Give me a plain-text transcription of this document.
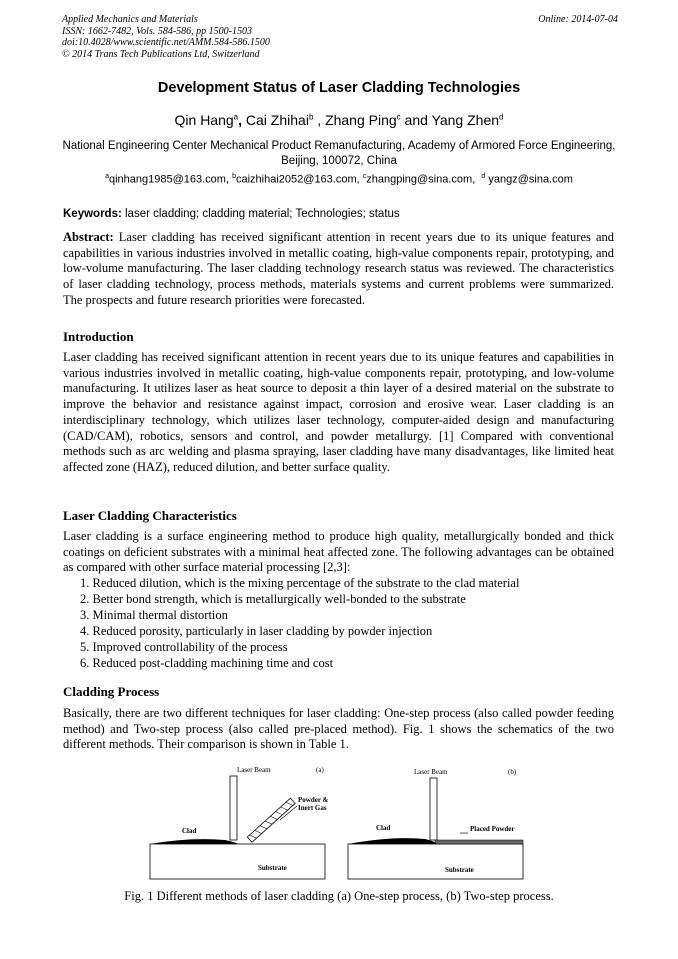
Applied Mechanics and Materials
ISSN: 1662-7482, Vols. 584-586, pp 1500-1503
doi:10.4028/www.scientific.net/AMM.584-586.1500
© 2014 Trans Tech Publications Ltd, Switzerland
Online: 2014-07-04
Development Status of Laser Cladding Technologies
Qin Hang$^a$, Cai Zhihai$^b$ , Zhang Ping$^c$ and Yang Zhen$^d$
National Engineering Center Mechanical Product Remanufacturing, Academy of Armored Force Engineering, Beijing, 100072, China
$^a$qinhang1985@163.com, $^b$caizhihai2052@163.com, $^c$zhangping@sina.com, $^d$ yangz@sina.com
Keywords: laser cladding; cladding material; Technologies; status
Abstract: Laser cladding has received significant attention in recent years due to its unique features and capabilities in various industries involved in metallic coating, high-value components repair, prototyping, and low-volume manufacturing. The laser cladding technology research status was reviewed. The characteristics of laser cladding technology, process methods, materials systems and current problems were summarized. The prospects and future research priorities were forecasted.
Introduction
Laser cladding has received significant attention in recent years due to its unique features and capabilities in various industries involved in metallic coating, high-value components repair, prototyping, and low-volume manufacturing. It utilizes laser as heat source to deposit a thin layer of a desired material on the substrate to improve the behavior and resistance against impact, corrosion and erosive wear. Laser cladding is an interdisciplinary technology, which utilizes laser technology, computer-aided design and manufacturing (CAD/CAM), robotics, sensors and control, and powder metallurgy. [1] Compared with conventional methods such as arc welding and plasma spraying, laser cladding have many disadvantages, like limited heat affected zone (HAZ), reduced dilution, and better surface quality.
Laser Cladding Characteristics
Laser cladding is a surface engineering method to produce high quality, metallurgically bonded and thick coatings on deficient substrates with a minimal heat affected zone. The following advantages can be obtained as compared with other surface material processing [2,3]:
1. Reduced dilution, which is the mixing percentage of the substrate to the clad material
2. Better bond strength, which is metallurgically well-bonded to the substrate
3. Minimal thermal distortion
4. Reduced porosity, particularly in laser cladding by powder injection
5. Improved controllability of the process
6. Reduced post-cladding machining time and cost
Cladding Process
Basically, there are two different techniques for laser cladding: One-step process (also called powder feeding method) and Two-step process (also called pre-placed method). Fig. 1 shows the schematics of the two different methods. Their comparison is shown in Table 1.
Laser Beam	(a)
Powder &
Inert Gas
Clad
Substrate
Laser Beam	(b)
Clad	Placed Powder
Substrate
Fig. 1 Different methods of laser cladding (a) One-step process, (b) Two-step process.
